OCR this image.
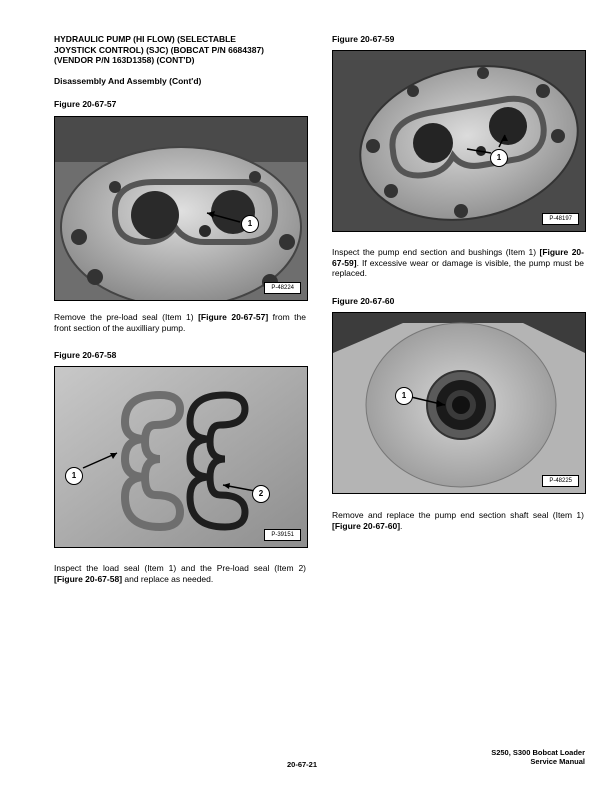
HYDRAULIC PUMP (HI FLOW) (SELECTABLE
JOYSTICK CONTROL) (SJC) (BOBCAT P/N 6684387)
(VENDOR P/N 163D1358) (CONT'D)
Disassembly And Assembly (Cont'd)
Figure 20-67-57
1
P-48224
Remove the pre-load seal (Item 1) [Figure 20-67-57] from the front section of the auxilliary pump.
Figure 20-67-58
1
2
P-39151
Inspect the load seal (Item 1) and the Pre-load seal (Item 2) [Figure 20-67-58] and replace as needed.
Figure 20-67-59
1
P-48197
Inspect the pump end section and bushings (Item 1) [Figure 20-67-59]. If excessive wear or damage is visible, the pump must be replaced.
Figure 20-67-60
1
P-48225
Remove and replace the pump end section shaft seal (Item 1) [Figure 20-67-60].
20-67-21
S250, S300 Bobcat Loader
Service Manual
